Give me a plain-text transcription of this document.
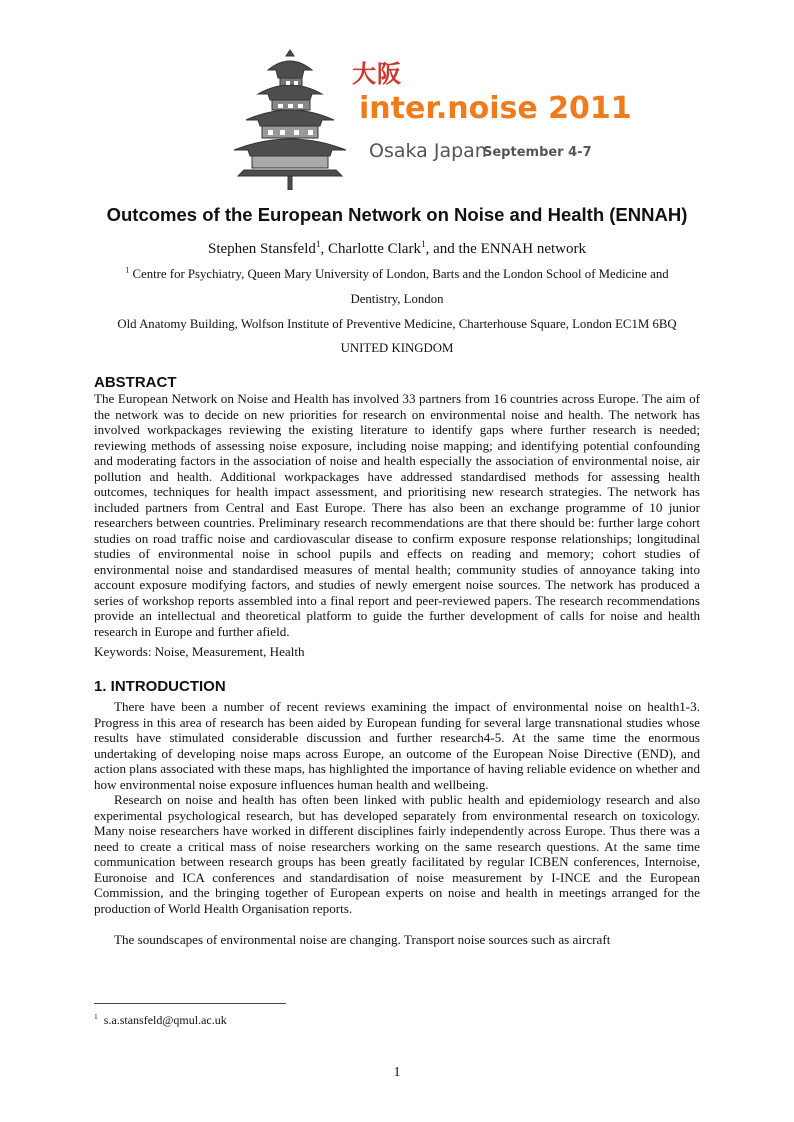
大阪
inter.noise 2011
Osaka Japan
September 4-7
Outcomes of the European Network on Noise and Health (ENNAH)
Stephen Stansfeld$^1$, Charlotte Clark$^1$, and the ENNAH network
$^1$ Centre for Psychiatry, Queen Mary University of London, Barts and the London School of Medicine and
Dentistry, London
Old Anatomy Building, Wolfson Institute of Preventive Medicine, Charterhouse Square, London EC1M 6BQ
UNITED KINGDOM
ABSTRACT

The European Network on Noise and Health has involved 33 partners from 16 countries across Europe. The aim of the network was to decide on new priorities for research on environmental noise and health. The network has involved workpackages reviewing the existing literature to identify gaps where further research is needed; reviewing methods of assessing noise exposure, including noise mapping; and identifying potential confounding and moderating factors in the association of noise and health especially the association of environmental noise, air pollution and health. Additional workpackages have addressed standardised methods for assessing health outcomes, techniques for health impact assessment, and prioritising new research strategies. The network has included partners from Central and East Europe. There has also been an exchange programme of 10 junior researchers between countries. Preliminary research recommendations are that there should be: further large cohort studies on road traffic noise and cardiovascular disease to confirm exposure response relationships; longitudinal studies of environmental noise in school pupils and effects on reading and memory; cohort studies of environmental noise and standardised measures of mental health; community studies of annoyance taking into account exposure modifying factors, and studies of newly emergent noise sources. The network has produced a series of workshop reports assembled into a final report and peer-reviewed papers. The research recommendations provide an intellectual and theoretical platform to guide the further development of calls for noise and health research in Europe and further afield.

Keywords: Noise, Measurement, Health
1. INTRODUCTION

There have been a number of recent reviews examining the impact of environmental noise on health1-3. Progress in this area of research has been aided by European funding for several large transnational studies whose results have stimulated considerable discussion and further research4-5. At the same time the enormous undertaking of developing noise maps across Europe, an outcome of the European Noise Directive (END), and action plans associated with these maps, has highlighted the importance of having reliable evidence on whether and how environmental noise exposure influences human health and wellbeing.

Research on noise and health has often been linked with public health and epidemiology research and also experimental psychological research, but has developed separately from environmental research on toxicology. Many noise researchers have worked in different disciplines fairly independently across Europe. Thus there was a need to create a critical mass of noise researchers working on the same research questions. At the same time communication between research groups has been greatly facilitated by regular ICBEN conferences, Internoise, Euronoise and ICA conferences and standardisation of noise measurement by I-INCE and the European Commission, and the bringing together of European experts on noise and health in meetings arranged for the production of World Health Organisation reports.

The soundscapes of environmental noise are changing. Transport noise sources such as aircraft

$^1$ s.a.stansfeld@qmul.ac.uk
1
